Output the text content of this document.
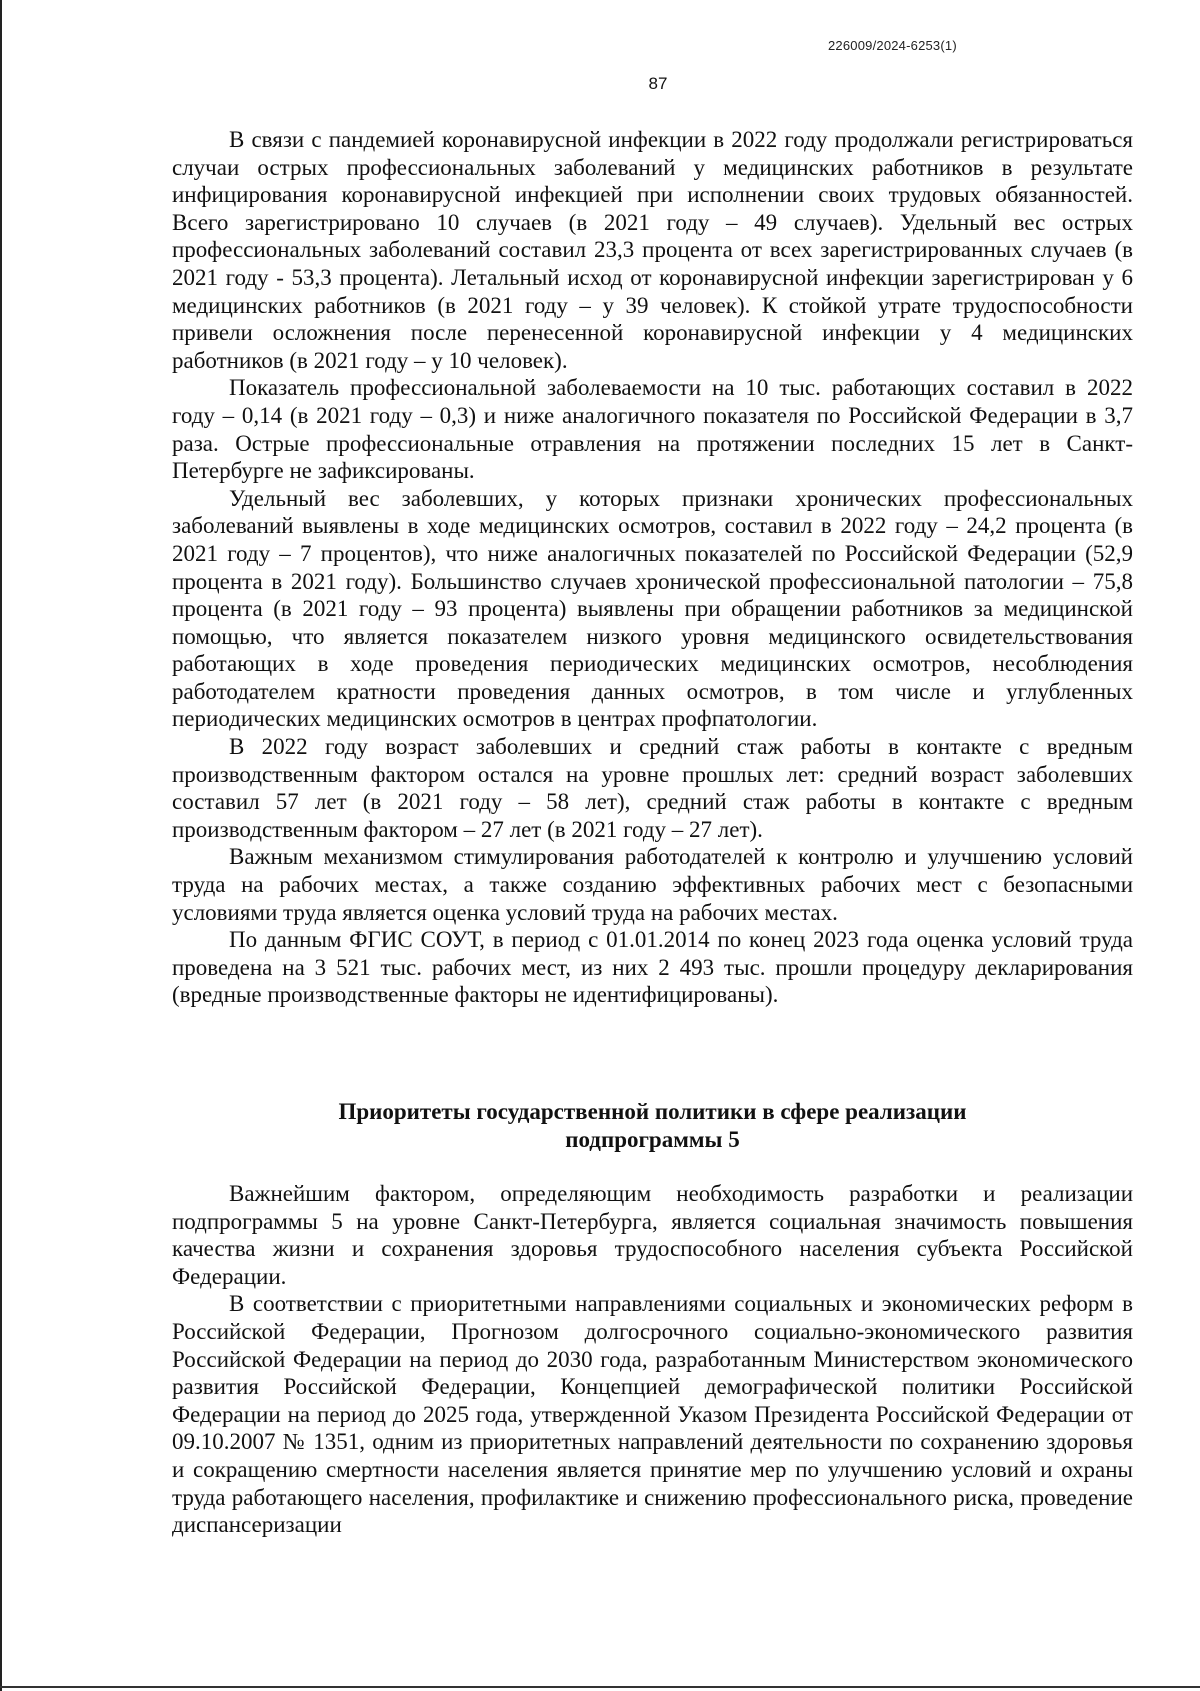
226009/2024-6253(1)
87

В связи с пандемией коронавирусной инфекции в 2022 году продолжали регистрироваться случаи острых профессиональных заболеваний у медицинских работников в результате инфицирования коронавирусной инфекцией при исполнении своих трудовых обязанностей. Всего зарегистрировано 10 случаев (в 2021 году – 49 случаев). Удельный вес острых профессиональных заболеваний составил 23,3 процента от всех зарегистрированных случаев (в 2021 году - 53,3 процента). Летальный исход от коронавирусной инфекции зарегистрирован у 6 медицинских работников (в 2021 году – у 39 человек). К стойкой утрате трудоспособности привели осложнения после перенесенной коронавирусной инфекции у 4 медицинских работников (в 2021 году – у 10 человек).

Показатель профессиональной заболеваемости на 10 тыс. работающих составил в 2022 году – 0,14 (в 2021 году – 0,3) и ниже аналогичного показателя по Российской Федерации в 3,7 раза. Острые профессиональные отравления на протяжении последних 15 лет в Санкт-Петербурге не зафиксированы.

Удельный вес заболевших, у которых признаки хронических профессиональных заболеваний выявлены в ходе медицинских осмотров, составил в 2022 году – 24,2 процента (в 2021 году – 7 процентов), что ниже аналогичных показателей по Российской Федерации (52,9 процента в 2021 году). Большинство случаев хронической профессиональной патологии – 75,8 процента (в 2021 году – 93 процента) выявлены при обращении работников за медицинской помощью, что является показателем низкого уровня медицинского освидетельствования работающих в ходе проведения периодических медицинских осмотров, несоблюдения работодателем кратности проведения данных осмотров, в том числе и углубленных периодических медицинских осмотров в центрах профпатологии.

В 2022 году возраст заболевших и средний стаж работы в контакте с вредным производственным фактором остался на уровне прошлых лет: средний возраст заболевших составил 57 лет (в 2021 году – 58 лет), средний стаж работы в контакте с вредным производственным фактором – 27 лет (в 2021 году – 27 лет).

Важным механизмом стимулирования работодателей к контролю и улучшению условий труда на рабочих местах, а также созданию эффективных рабочих мест с безопасными условиями труда является оценка условий труда на рабочих местах.

По данным ФГИС СОУТ, в период с 01.01.2014 по конец 2023 года оценка условий труда проведена на 3 521 тыс. рабочих мест, из них 2 493 тыс. прошли процедуру декларирования (вредные производственные факторы не идентифицированы).

Приоритеты государственной политики в сфере реализации
подпрограммы 5

Важнейшим фактором, определяющим необходимость разработки и реализации подпрограммы 5 на уровне Санкт-Петербурга, является социальная значимость повышения качества жизни и сохранения здоровья трудоспособного населения субъекта Российской Федерации.

В соответствии с приоритетными направлениями социальных и экономических реформ в Российской Федерации, Прогнозом долгосрочного социально-экономического развития Российской Федерации на период до 2030 года, разработанным Министерством экономического развития Российской Федерации, Концепцией демографической политики Российской Федерации на период до 2025 года, утвержденной Указом Президента Российской Федерации от 09.10.2007 № 1351, одним из приоритетных направлений деятельности по сохранению здоровья и сокращению смертности населения является принятие мер по улучшению условий и охраны труда работающего населения, профилактике и снижению профессионального риска, проведение диспансеризации
